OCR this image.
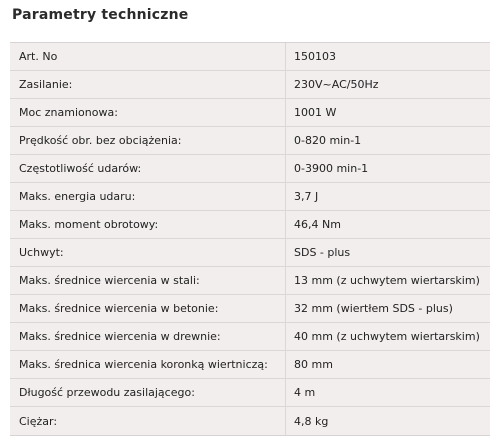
Parametry techniczne
Art. No	150103
Zasilanie:	230V~AC/50Hz
Moc znamionowa:	1001 W
Prędkość obr. bez obciążenia:	0-820 min-1
Częstotliwość udarów:	0-3900 min-1
Maks. energia udaru:	3,7 J
Maks. moment obrotowy:	46,4 Nm
Uchwyt:	SDS - plus
Maks. średnice wiercenia w stali:	13 mm (z uchwytem wiertarskim)
Maks. średnice wiercenia w betonie:	32 mm (wiertłem SDS - plus)
Maks. średnice wiercenia w drewnie:	40 mm (z uchwytem wiertarskim)
Maks. średnica wiercenia koronką wiertniczą:	80 mm
Długość przewodu zasilającego:	4 m
Ciężar:	4,8 kg
